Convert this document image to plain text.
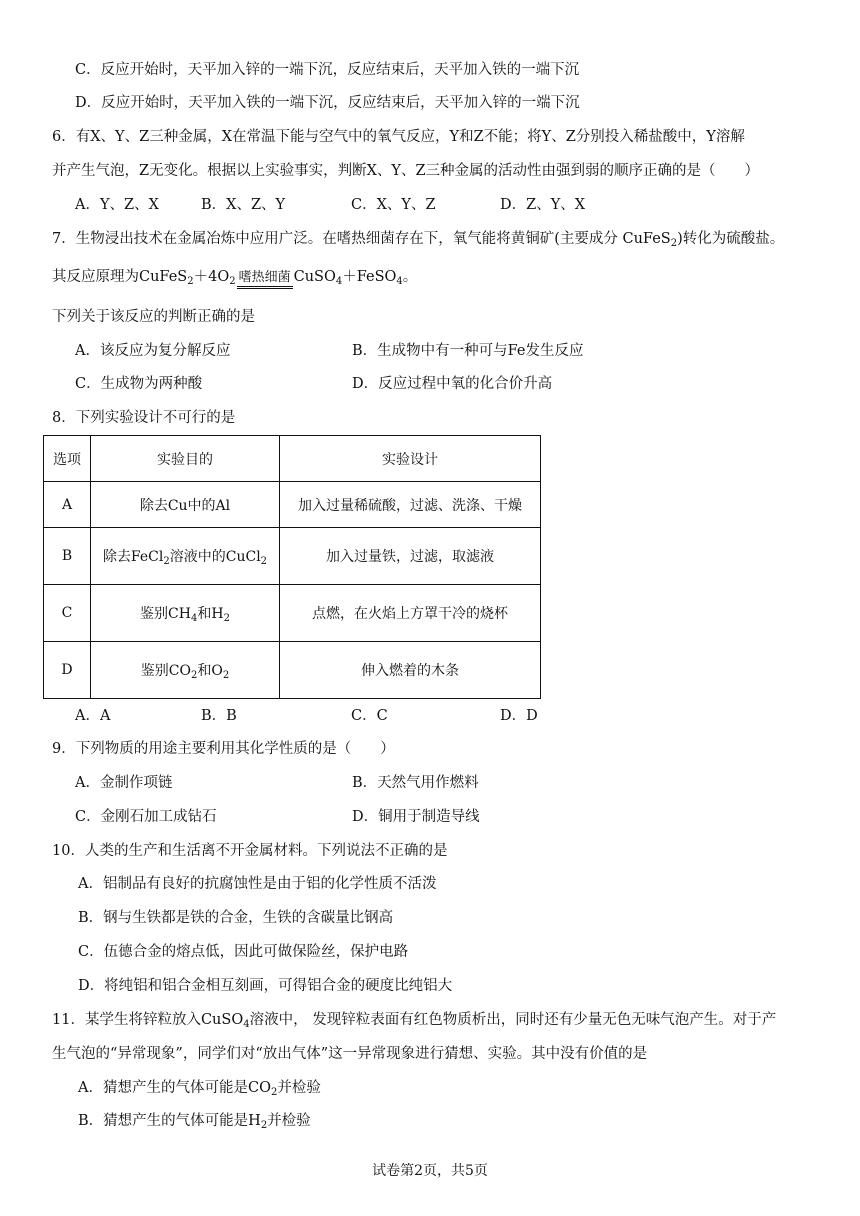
C．反应开始时，天平加入锌的一端下沉，反应结束后，天平加入铁的一端下沉
D．反应开始时，天平加入铁的一端下沉，反应结束后，天平加入锌的一端下沉
6．有X、Y、Z三种金属，X在常温下能与空气中的氧气反应，Y和Z不能；将Y、Z分别投入稀盐酸中，Y溶解
并产生气泡，Z无变化。根据以上实验事实，判断X、Y、Z三种金属的活动性由强到弱的顺序正确的是（　　）
A．Y、Z、X	B．X、Z、Y	C．X、Y、Z	D．Z、Y、X
7．生物浸出技术在金属冶炼中应用广泛。在嗜热细菌存在下，氧气能将黄铜矿(主要成分 CuFeS$_2$)转化为硫酸盐。
其反应原理为$CuFeS_2+4O_2$ 嗜热细菌 CuSO$_4$＋FeSO$_4$。
下列关于该反应的判断正确的是
A．该反应为复分解反应	B．生成物中有一种可与Fe发生反应
C．生成物为两种酸	D．反应过程中氧的化合价升高
8．下列实验设计不可行的是
选项	实验目的	实验设计
A	除去Cu中的Al	加入过量稀硫酸，过滤、洗涤、干燥
B	除去FeCl$_2$溶液中的CuCl$_2$	加入过量铁，过滤，取滤液
C	鉴别$CH_4$和$H_2$	点燃，在火焰上方罩干冷的烧杯
D	鉴别$CO_2$和$O_2$	伸入燃着的木条
A．A	B．B	C．C	D．D
9．下列物质的用途主要利用其化学性质的是（　　）
A．金制作项链	B．天然气用作燃料
C．金刚石加工成钻石	D．铜用于制造导线
10．人类的生产和生活离不开金属材料。下列说法不正确的是
A．铝制品有良好的抗腐蚀性是由于铝的化学性质不活泼
B．钢与生铁都是铁的合金，生铁的含碳量比钢高
C．伍德合金的熔点低，因此可做保险丝，保护电路
D．将纯铝和铝合金相互刻画，可得铝合金的硬度比纯铝大
11．某学生将锌粒放入CuSO$_4$溶液中， 发现锌粒表面有红色物质析出，同时还有少量无色无味气泡产生。对于产
生气泡的“异常现象”，同学们对“放出气体”这一异常现象进行猜想、实验。其中没有价值的是
A．猜想产生的气体可能是$CO_2$并检验
B．猜想产生的气体可能是$H_2$并检验
试卷第2页，共5页
